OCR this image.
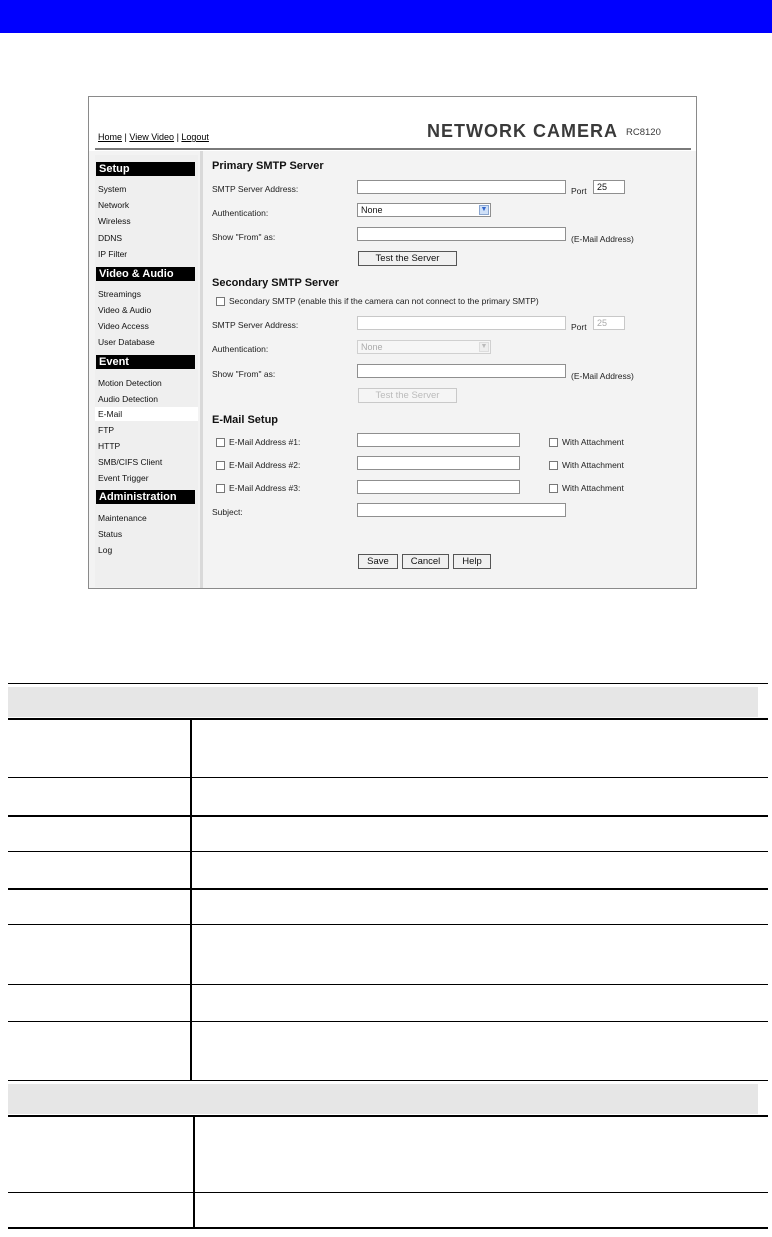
Home | View Video | Logout	NETWORK CAMERA RC8120
Setup
System
Network
Wireless
DDNS
IP Filter
Video & Audio
Streamings
Video & Audio
Video Access
User Database
Event
Motion Detection
Audio Detection
E-Mail
FTP
HTTP
SMB/CIFS Client
Event Trigger
Administration
Maintenance
Status
Log
Primary SMTP Server
SMTP Server Address:	Port	25
Authentication:	None	▼
Show "From" as:	(E-Mail Address)
Test the Server
Secondary SMTP Server
Secondary SMTP (enable this if the camera can not connect to the primary SMTP)
SMTP Server Address:	Port	25
Authentication:	None	▼
Show "From" as:	(E-Mail Address)
Test the Server
E-Mail Setup
E-Mail Address #1:	With Attachment
E-Mail Address #2:	With Attachment
E-Mail Address #3:	With Attachment
Subject:
Save	Cancel	Help
